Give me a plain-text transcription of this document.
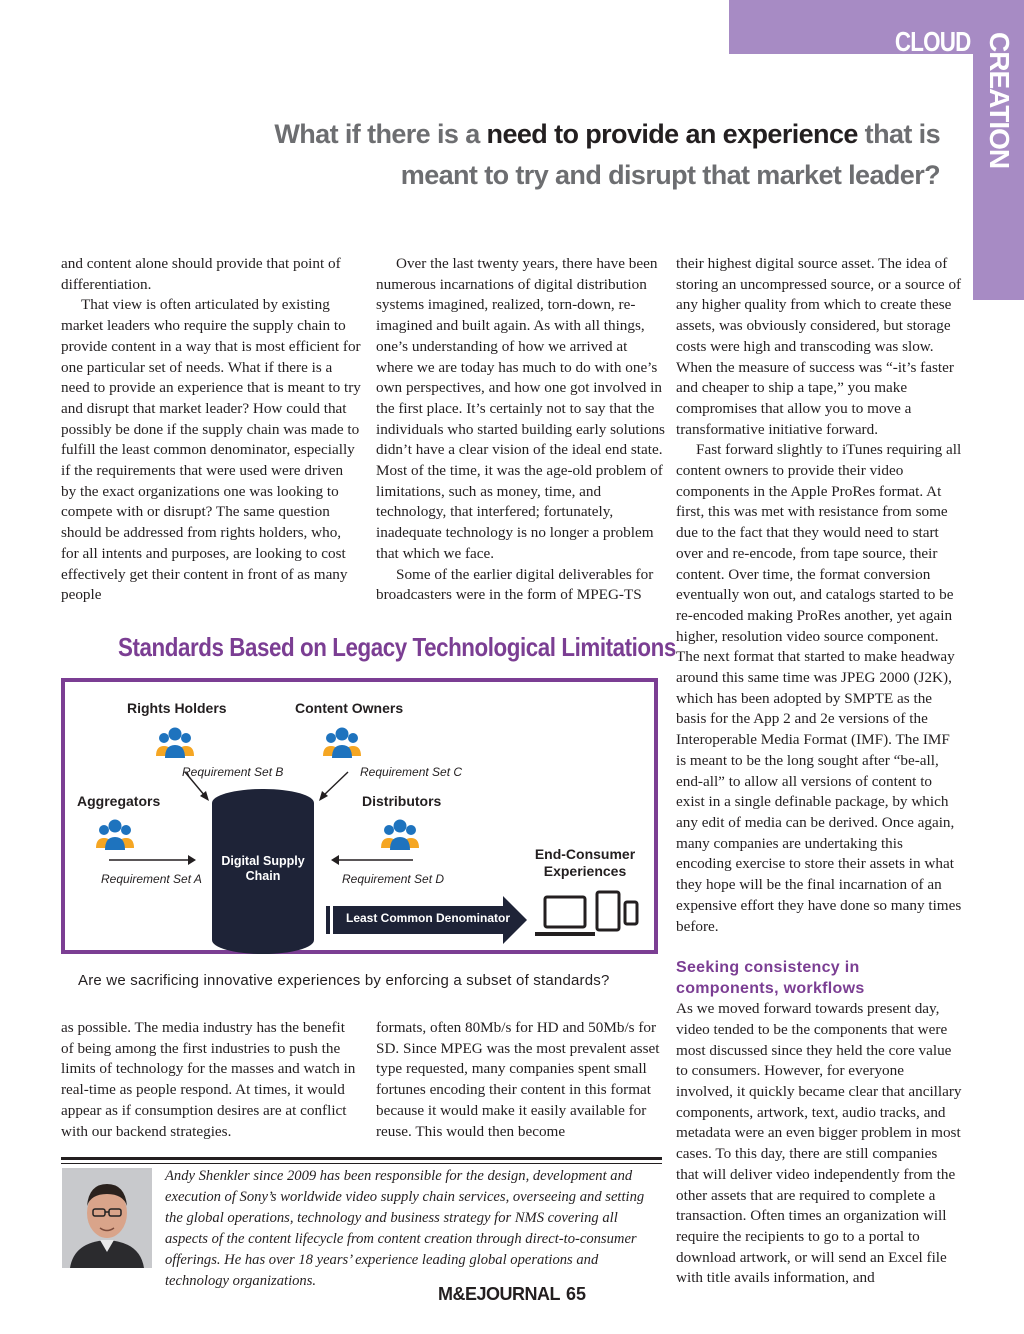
CLOUD CREATION
What if there is a need to provide an experience that is meant to try and disrupt that market leader?

and content alone should provide that point of differentiation.

That view is often articulated by existing market leaders who require the supply chain to provide content in a way that is most efficient for one particular set of needs. What if there is a need to provide an experience that is meant to try and disrupt that market leader? How could that possibly be done if the supply chain was made to fulfill the least common denominator, especially if the requirements that were used were driven by the exact organizations one was looking to compete with or disrupt? The same question should be addressed from rights holders, who, for all intents and purposes, are looking to cost effectively get their content in front of as many people

Over the last twenty years, there have been numerous incarnations of digital distribution systems imagined, realized, torn-down, re-imagined and built again. As with all things, one’s understanding of how we arrived at where we are today has much to do with one’s own perspectives, and how one got involved in the first place. It’s certainly not to say that the individuals who started building early solutions didn’t have a clear vision of the ideal end state. Most of the time, it was the age-old problem of limitations, such as money, time, and technology, that interfered; fortunately, inadequate technology is no longer a problem that which we face.

Some of the earlier digital deliverables for broadcasters were in the form of MPEG-TS

their highest digital source asset. The idea of storing an uncompressed source, or a source of any higher quality from which to create these assets, was obviously considered, but storage costs were high and transcoding was slow. When the measure of success was “-it’s faster and cheaper to ship a tape,” you make compromises that allow you to move a transformative initiative forward.

Fast forward slightly to iTunes requiring all content owners to provide their video components in the Apple ProRes format. At first, this was met with resistance from some due to the fact that they would need to start over and re-encode, from tape source, their content. Over time, the format conversion eventually won out, and catalogs started to be re-encoded making ProRes another, yet again higher, resolution video source component. The next format that started to make headway around this same time was JPEG 2000 (J2K), which has been adopted by SMPTE as the basis for the App 2 and 2e versions of the Interoperable Media Format (IMF). The IMF is meant to be the long sought after “be-all, end-all” to allow all versions of content to exist in a single definable package, by which any edit of media can be derived. Once again, many companies are undertaking this encoding exercise to store their assets in what they hope will be the final incarnation of an expensive effort they have done so many times before.

Seeking consistency in components, workflows

As we moved forward towards present day, video tended to be the components that were most discussed since they held the core value to consumers. However, for everyone involved, it quickly became clear that ancillary components, artwork, text, audio tracks, and metadata were an even bigger problem in most cases. To this day, there are still companies that will deliver video independently from the other assets that are required to complete a transaction. Often times an organization will require the recipients to go to a portal to download artwork, or will send an Excel file with title avails information, and

Standards Based on Legacy Technological Limitations
Digital Supply
Chain
Rights Holders	Content Owners
Aggregators	Distributors
Requirement Set B	Requirement Set C
Requirement Set A	Requirement Set D
End-Consumer
Experiences
Least Common Denominator
Are we sacrificing innovative experiences by enforcing a subset of standards?

as possible. The media industry has the benefit of being among the first industries to push the limits of technology for the masses and watch in real-time as people respond. At times, it would appear as if consumption desires are at conflict with our backend strategies.

formats, often 80Mb/s for HD and 50Mb/s for SD. Since MPEG was the most prevalent asset type requested, many companies spent small fortunes encoding their content in this format because it would make it easily available for reuse. This would then become

Andy Shenkler since 2009 has been responsible for the design, development and execution of Sony’s worldwide video supply chain services, overseeing and setting the global operations, technology and business strategy for NMS covering all aspects of the content lifecycle from content creation through direct-to-consumer offerings. He has over 18 years’ experience leading global operations and technology organizations.
M&EJOURNAL 65
